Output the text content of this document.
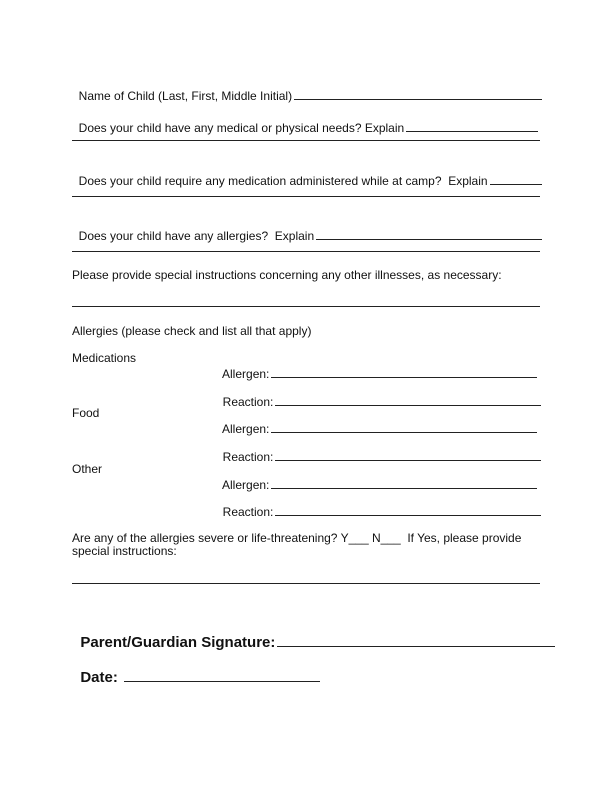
Name of Child (Last, First, Middle Initial)

Does your child have any medical or physical needs? Explain

Does your child require any medication administered while at camp?  Explain

Does your child have any allergies?  Explain

Please provide special instructions concerning any other illnesses, as necessary:
Allergies (please check and list all that apply)
Medications

Allergen:

Reaction:

Food

Allergen:

Reaction:

Other

Allergen:

Reaction:

Are any of the allergies severe or life-threatening? Y___ N___  If Yes, please provide
special instructions:

Parent/Guardian Signature:

Date:
